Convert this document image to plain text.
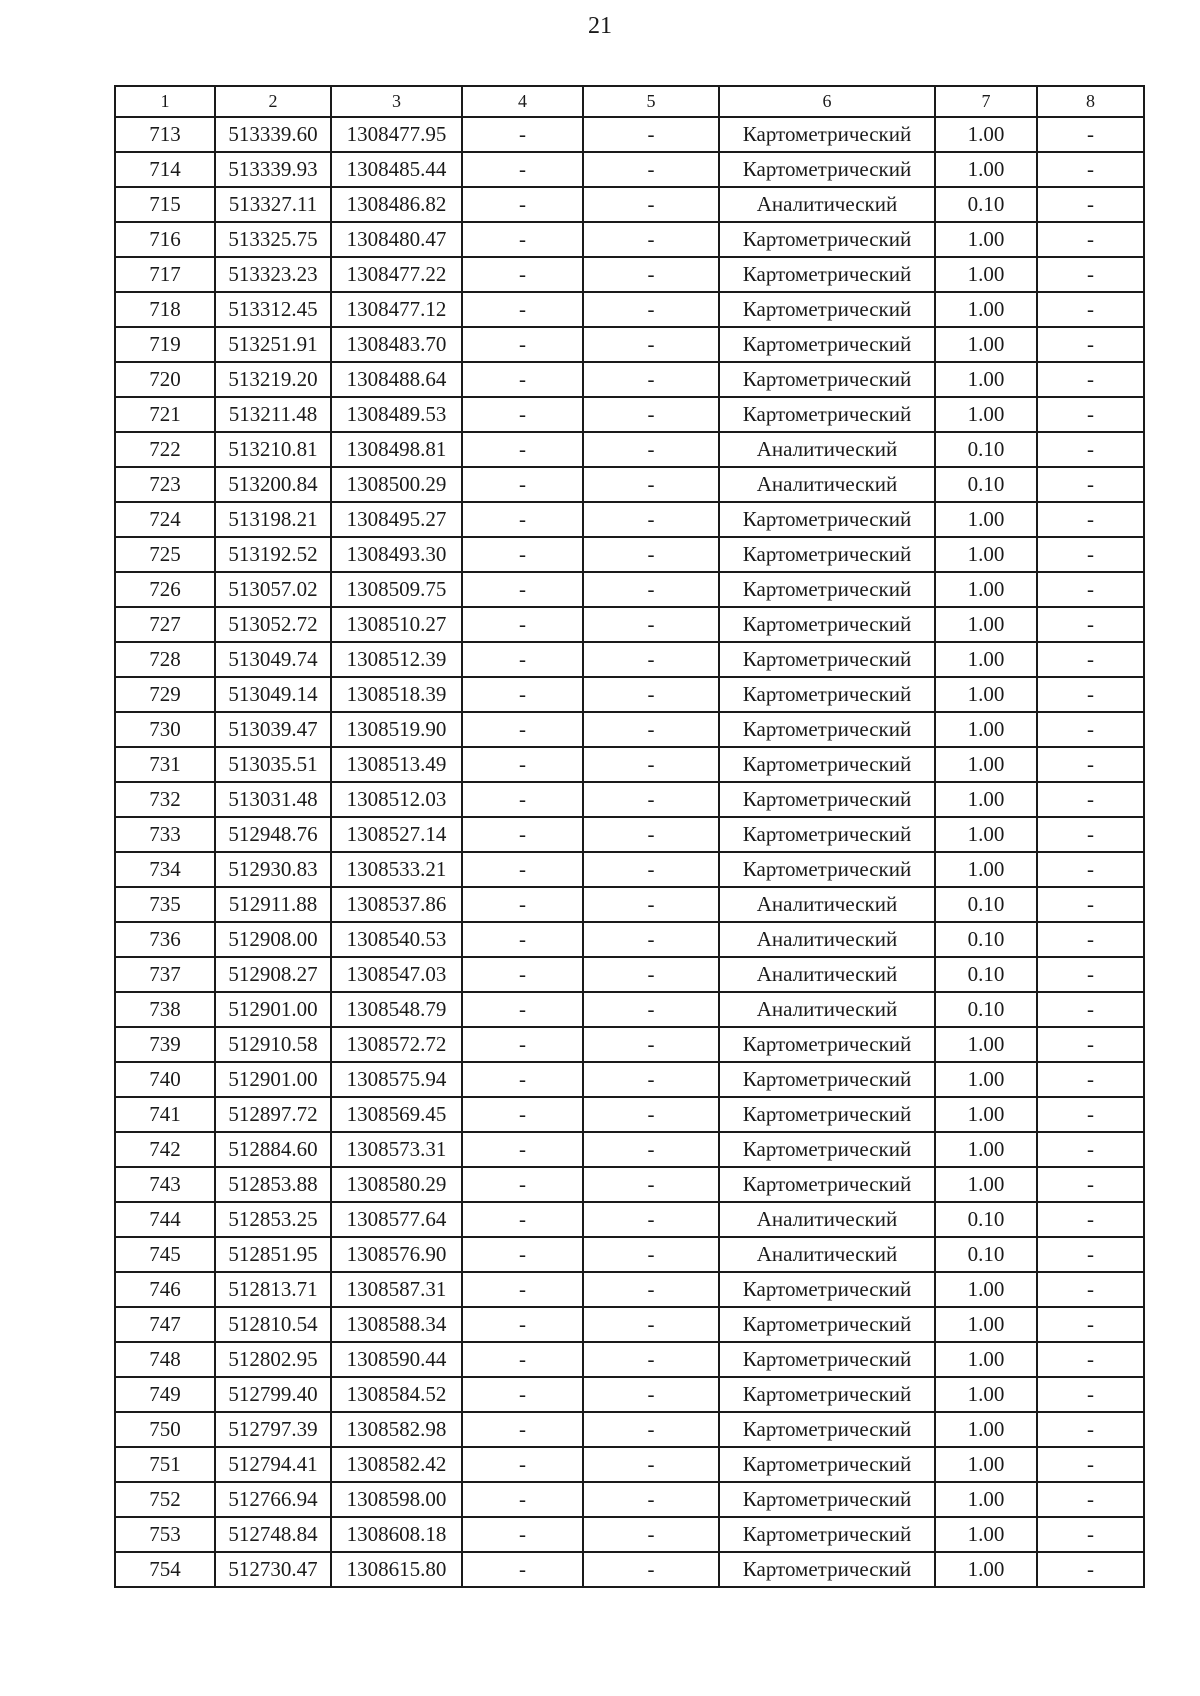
21
1	2	3	4	5	6	7	8
713	513339.60	1308477.95	-	-	Картометрический	1.00	-
714	513339.93	1308485.44	-	-	Картометрический	1.00	-
715	513327.11	1308486.82	-	-	Аналитический	0.10	-
716	513325.75	1308480.47	-	-	Картометрический	1.00	-
717	513323.23	1308477.22	-	-	Картометрический	1.00	-
718	513312.45	1308477.12	-	-	Картометрический	1.00	-
719	513251.91	1308483.70	-	-	Картометрический	1.00	-
720	513219.20	1308488.64	-	-	Картометрический	1.00	-
721	513211.48	1308489.53	-	-	Картометрический	1.00	-
722	513210.81	1308498.81	-	-	Аналитический	0.10	-
723	513200.84	1308500.29	-	-	Аналитический	0.10	-
724	513198.21	1308495.27	-	-	Картометрический	1.00	-
725	513192.52	1308493.30	-	-	Картометрический	1.00	-
726	513057.02	1308509.75	-	-	Картометрический	1.00	-
727	513052.72	1308510.27	-	-	Картометрический	1.00	-
728	513049.74	1308512.39	-	-	Картометрический	1.00	-
729	513049.14	1308518.39	-	-	Картометрический	1.00	-
730	513039.47	1308519.90	-	-	Картометрический	1.00	-
731	513035.51	1308513.49	-	-	Картометрический	1.00	-
732	513031.48	1308512.03	-	-	Картометрический	1.00	-
733	512948.76	1308527.14	-	-	Картометрический	1.00	-
734	512930.83	1308533.21	-	-	Картометрический	1.00	-
735	512911.88	1308537.86	-	-	Аналитический	0.10	-
736	512908.00	1308540.53	-	-	Аналитический	0.10	-
737	512908.27	1308547.03	-	-	Аналитический	0.10	-
738	512901.00	1308548.79	-	-	Аналитический	0.10	-
739	512910.58	1308572.72	-	-	Картометрический	1.00	-
740	512901.00	1308575.94	-	-	Картометрический	1.00	-
741	512897.72	1308569.45	-	-	Картометрический	1.00	-
742	512884.60	1308573.31	-	-	Картометрический	1.00	-
743	512853.88	1308580.29	-	-	Картометрический	1.00	-
744	512853.25	1308577.64	-	-	Аналитический	0.10	-
745	512851.95	1308576.90	-	-	Аналитический	0.10	-
746	512813.71	1308587.31	-	-	Картометрический	1.00	-
747	512810.54	1308588.34	-	-	Картометрический	1.00	-
748	512802.95	1308590.44	-	-	Картометрический	1.00	-
749	512799.40	1308584.52	-	-	Картометрический	1.00	-
750	512797.39	1308582.98	-	-	Картометрический	1.00	-
751	512794.41	1308582.42	-	-	Картометрический	1.00	-
752	512766.94	1308598.00	-	-	Картометрический	1.00	-
753	512748.84	1308608.18	-	-	Картометрический	1.00	-
754	512730.47	1308615.80	-	-	Картометрический	1.00	-
